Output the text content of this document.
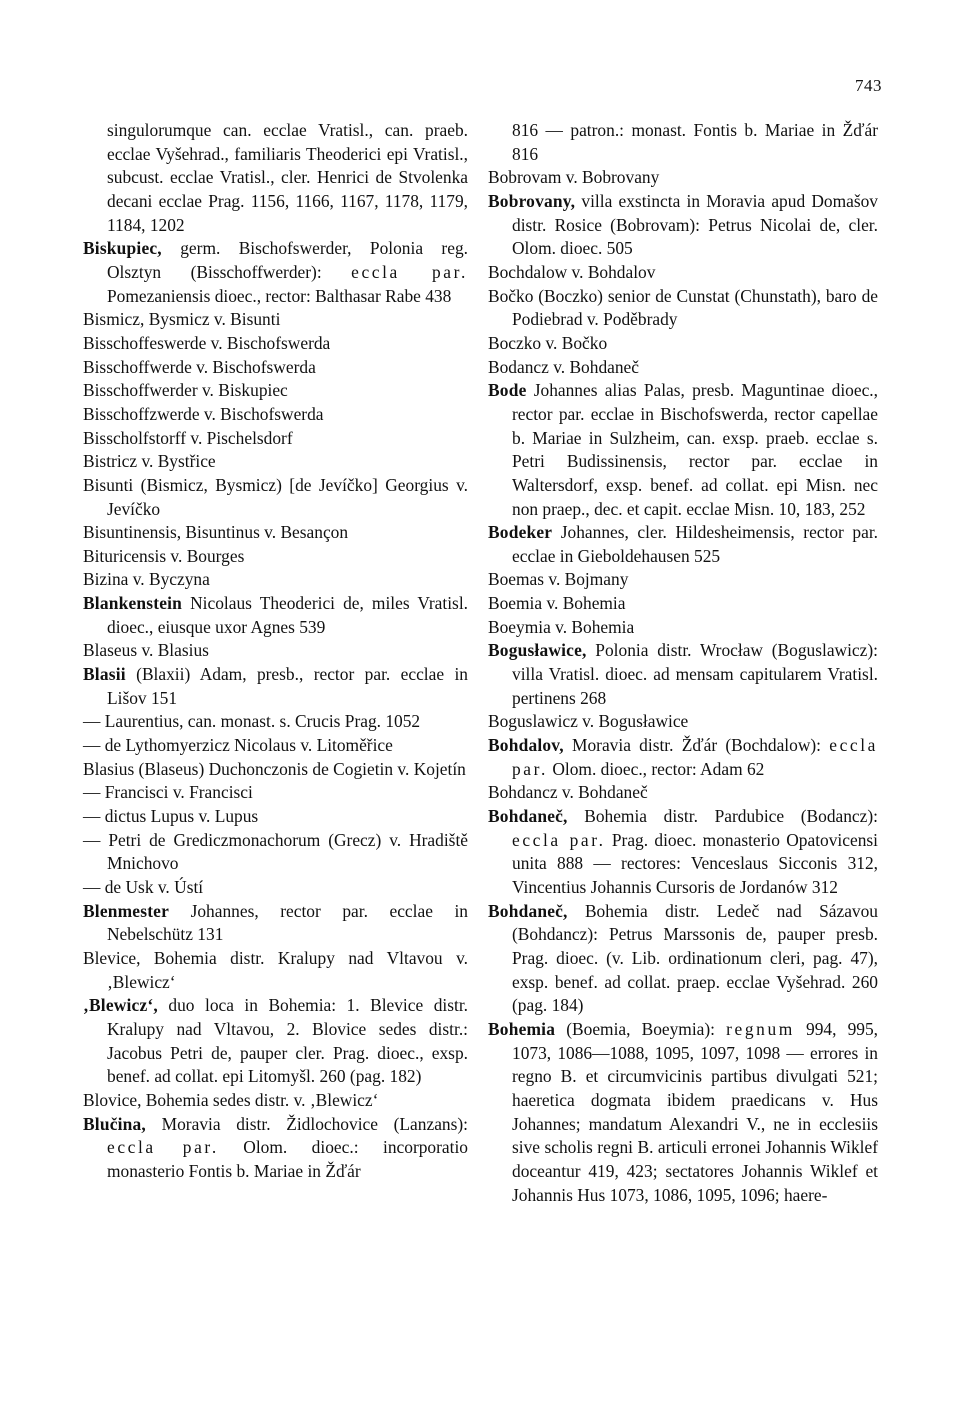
743
singulorumque can. ecclae Vratisl., can. praeb. ecclae Vyšehrad., familiaris Theoderici epi Vratisl., subcust. ecclae Vratisl., cler. Henrici de Stvolenka decani ecclae Prag. 1156, 1166, 1167, 1178, 1179, 1184, 1202
Biskupiec, germ. Bischofswerder, Polonia reg. Olsztyn (Bisschoffwerder): eccla par. Pomezaniensis dioec., rector: Balthasar Rabe 438
Bismicz, Bysmicz v. Bisunti
Bisschoffeswerde v. Bischofswerda
Bisschoffwerde v. Bischofswerda
Bisschoffwerder v. Biskupiec
Bisschoffzwerde v. Bischofswerda
Bisscholfstorff v. Pischelsdorf
Bistricz v. Bystřice
Bisunti (Bismicz, Bysmicz) [de Jevíčko] Georgius v. Jevíčko
Bisuntinensis, Bisuntinus v. Besançon
Bituricensis v. Bourges
Bizina v. Byczyna
Blankenstein Nicolaus Theoderici de, miles Vratisl. dioec., eiusque uxor Agnes 539
Blaseus v. Blasius
Blasii (Blaxii) Adam, presb., rector par. ecclae in Lišov 151
— Laurentius, can. monast. s. Crucis Prag. 1052
— de Lythomyerzicz Nicolaus v. Litoměřice
Blasius (Blaseus) Duchonczonis de Cogietin v. Kojetín
— Francisci v. Francisci
— dictus Lupus v. Lupus
— Petri de Grediczmonachorum (Grecz) v. Hradiště Mnichovo
— de Usk v. Ústí
Blenmester Johannes, rector par. ecclae in Nebelschütz 131
Blevice, Bohemia distr. Kralupy nad Vltavou v. ‚Blewicz‘
‚Blewicz‘, duo loca in Bohemia: 1. Blevice distr. Kralupy nad Vltavou, 2. Blovice sedes distr.: Jacobus Petri de, pauper cler. Prag. dioec., exsp. benef. ad collat. epi Litomyšl. 260 (pag. 182)
Blovice, Bohemia sedes distr. v. ‚Blewicz‘
Blučina, Moravia distr. Židlochovice (Lanzans): eccla par. Olom. dioec.: incorporatio monasterio Fontis b. Mariae in Žďár
816 — patron.: monast. Fontis b. Mariae in Žďár 816
Bobrovam v. Bobrovany
Bobrovany, villa exstincta in Moravia apud Domašov distr. Rosice (Bobrovam): Petrus Nicolai de, cler. Olom. dioec. 505
Bochdalow v. Bohdalov
Bočko (Boczko) senior de Cunstat (Chunstath), baro de Podiebrad v. Poděbrady
Boczko v. Bočko
Bodancz v. Bohdaneč
Bode Johannes alias Palas, presb. Maguntinae dioec., rector par. ecclae in Bischofswerda, rector capellae b. Mariae in Sulzheim, can. exsp. praeb. ecclae s. Petri Budissinensis, rector par. ecclae in Waltersdorf, exsp. benef. ad collat. epi Misn. nec non praep., dec. et capit. ecclae Misn. 10, 183, 252
Bodeker Johannes, cler. Hildesheimensis, rector par. ecclae in Gieboldehausen 525
Boemas v. Bojmany
Boemia v. Bohemia
Boeymia v. Bohemia
Bogusławice, Polonia distr. Wrocław (Boguslawicz): villa Vratisl. dioec. ad mensam capitularem Vratisl. pertinens 268
Boguslawicz v. Bogusławice
Bohdalov, Moravia distr. Žďár (Bochdalow): eccla par. Olom. dioec., rector: Adam 62
Bohdancz v. Bohdaneč
Bohdaneč, Bohemia distr. Pardubice (Bodancz): eccla par. Prag. dioec. monasterio Opatovicensi unita 888 — rectores: Venceslaus Sicconis 312, Vincentius Johannis Cursoris de Jordanów 312
Bohdaneč, Bohemia distr. Ledeč nad Sázavou (Bohdancz): Petrus Marssonis de, pauper presb. Prag. dioec. (v. Lib. ordinationum cleri, pag. 47), exsp. benef. ad collat. praep. ecclae Vyšehrad. 260 (pag. 184)
Bohemia (Boemia, Boeymia): regnum 994, 995, 1073, 1086—1088, 1095, 1097, 1098 — errores in regno B. et circumvicinis partibus divulgati 521; haeretica dogmata ibidem praedicans v. Hus Johannes; mandatum Alexandri V., ne in ecclesiis sive scholis regni B. articuli erronei Johannis Wiklef doceantur 419, 423; sectatores Johannis Wiklef et Johannis Hus 1073, 1086, 1095, 1096; haere-
